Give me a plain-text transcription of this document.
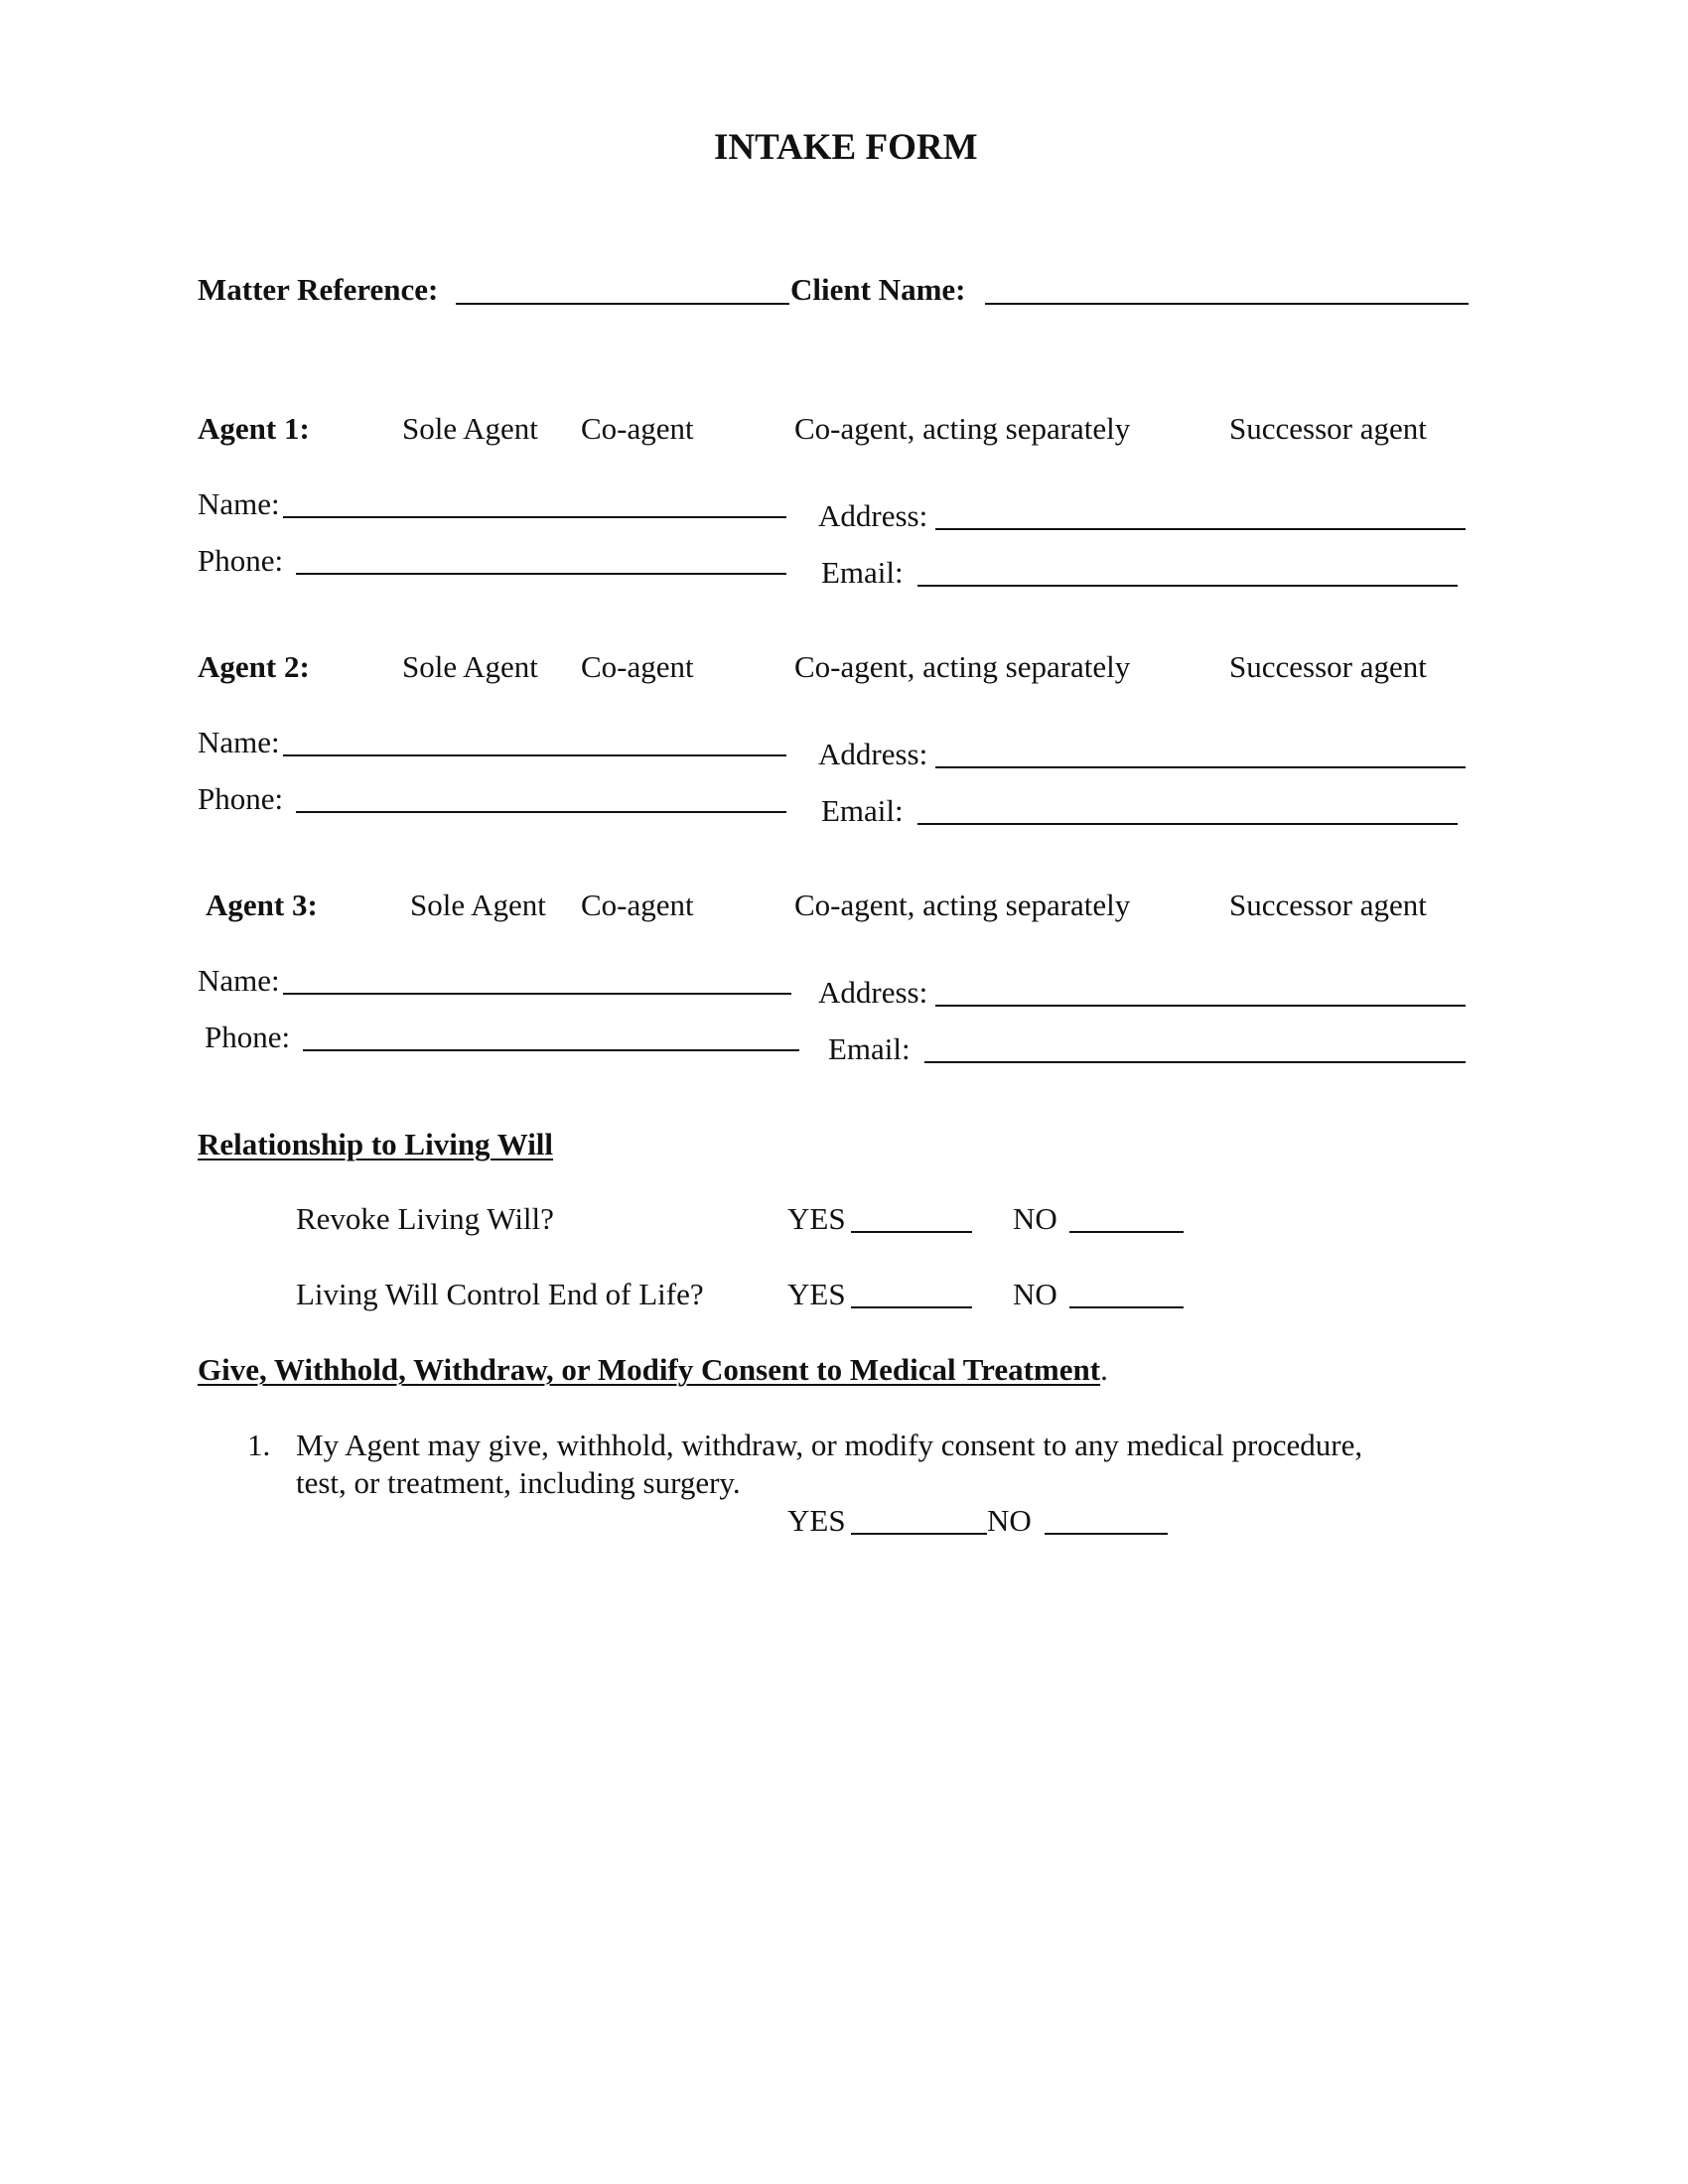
INTAKE FORM
Matter Reference:	Client Name:
Agent 1:	Sole Agent Co-agent	Co-agent, acting separately	Successor agent
Name:	Address:
Phone:	Email:
Agent 2:	Sole Agent Co-agent	Co-agent, acting separately	Successor agent
Name:	Address:
Phone:	Email:
Agent 3:	Sole Agent Co-agent	Co-agent, acting separately	Successor agent
Name:	Address:
Phone:	Email:
Relationship to Living Will
Revoke Living Will?	YES	NO
Living Will Control End of Life?	YES	NO
Give, Withhold, Withdraw, or Modify Consent to Medical Treatment.
1. My Agent may give, withhold, withdraw, or modify consent to any medical procedure,
test, or treatment, including surgery.
YES	NO
